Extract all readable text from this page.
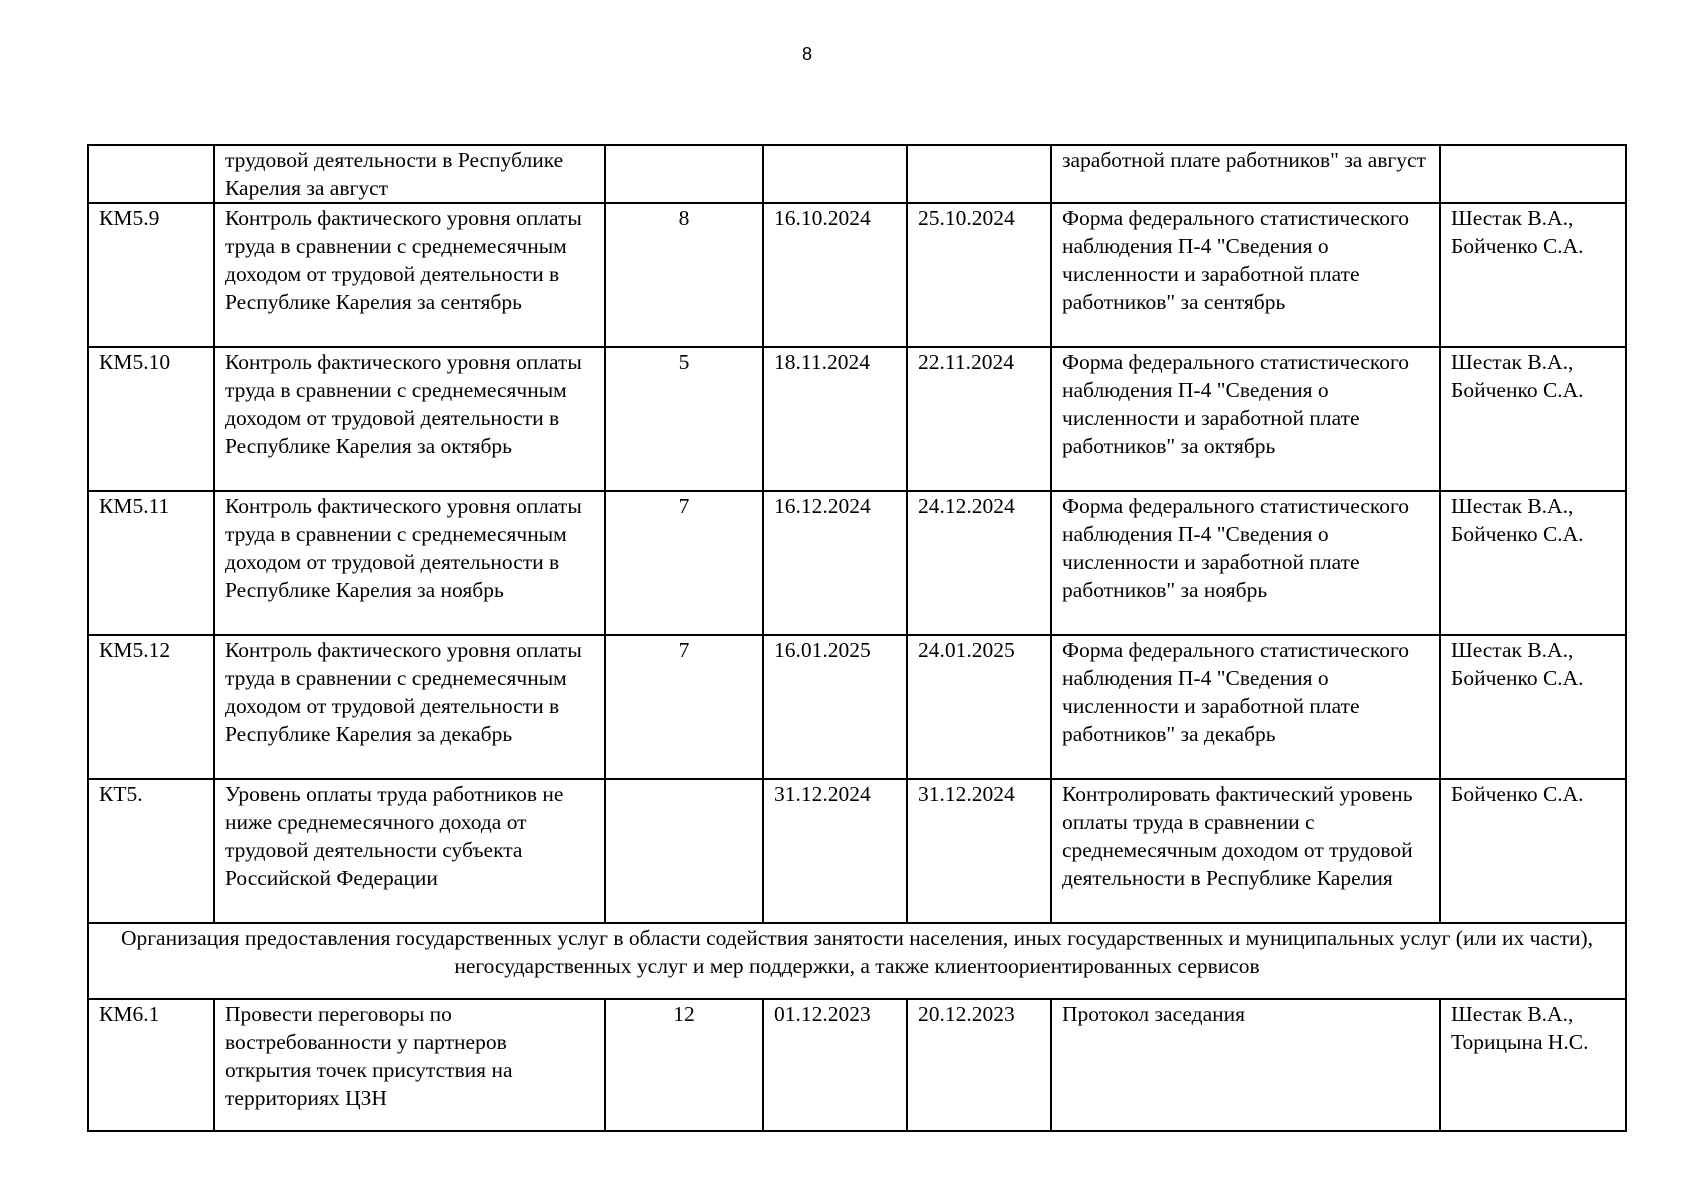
8
	трудовой деятельности в Республике Карелия за август				заработной плате работников" за август	
КМ5.9	Контроль фактического уровня оплаты труда в сравнении с среднемесячным доходом от трудовой деятельности в Республике Карелия за сентябрь	8	16.10.2024	25.10.2024	Форма федерального статистического наблюдения П-4 "Сведения о численности и заработной плате работников" за сентябрь	Шестак В.А., Бойченко С.А.
КМ5.10	Контроль фактического уровня оплаты труда в сравнении с среднемесячным доходом от трудовой деятельности в Республике Карелия за октябрь	5	18.11.2024	22.11.2024	Форма федерального статистического наблюдения П-4 "Сведения о численности и заработной плате работников" за октябрь	Шестак В.А., Бойченко С.А.
КМ5.11	Контроль фактического уровня оплаты труда в сравнении с среднемесячным доходом от трудовой деятельности в Республике Карелия за ноябрь	7	16.12.2024	24.12.2024	Форма федерального статистического наблюдения П-4 "Сведения о численности и заработной плате работников" за ноябрь	Шестак В.А., Бойченко С.А.
КМ5.12	Контроль фактического уровня оплаты труда в сравнении с среднемесячным доходом от трудовой деятельности в Республике Карелия за декабрь	7	16.01.2025	24.01.2025	Форма федерального статистического наблюдения П-4 "Сведения о численности и заработной плате работников" за декабрь	Шестак В.А., Бойченко С.А.
КТ5.	Уровень оплаты труда работников не ниже среднемесячного дохода от трудовой деятельности субъекта Российской Федерации		31.12.2024	31.12.2024	Контролировать фактический уровень оплаты труда в сравнении с среднемесячным доходом от трудовой деятельности в Республике Карелия	Бойченко С.А.
Организация предоставления государственных услуг в области содействия занятости населения, иных государственных и муниципальных услуг (или их части), негосударственных услуг и мер поддержки, а также клиентоориентированных сервисов						
КМ6.1	Провести переговоры по востребованности у партнеров открытия точек присутствия на территориях ЦЗН	12	01.12.2023	20.12.2023	Протокол заседания	Шестак В.А., Торицына Н.С.
